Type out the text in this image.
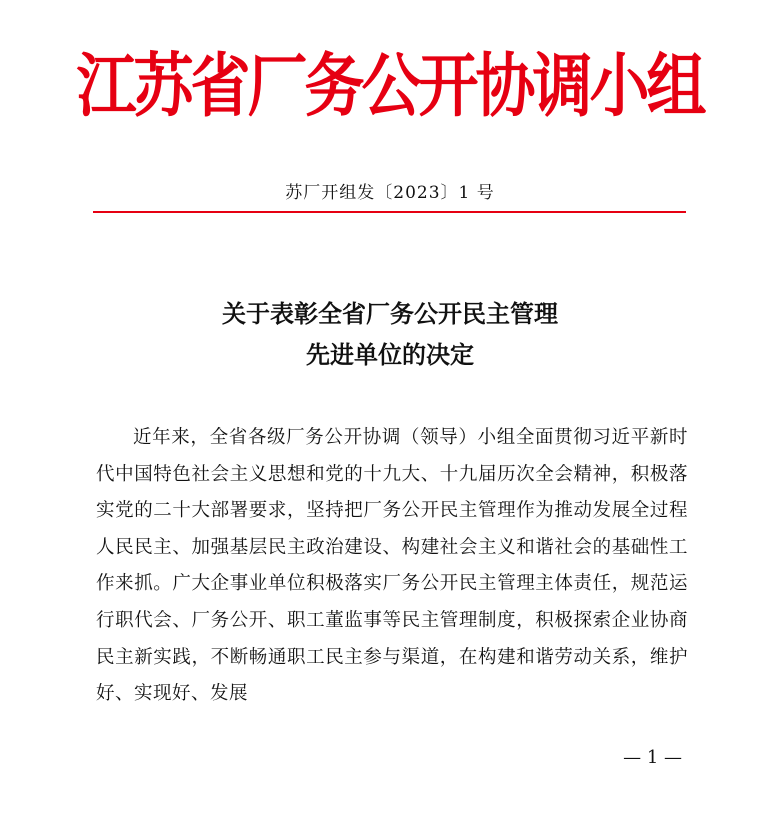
江苏省厂务公开协调小组
苏厂开组发〔2023〕1 号
关于表彰全省厂务公开民主管理
先进单位的决定

近年来，全省各级厂务公开协调（领导）小组全面贯彻习近平新时代中国特色社会主义思想和党的十九大、十九届历次全会精神，积极落实党的二十大部署要求，坚持把厂务公开民主管理作为推动发展全过程人民民主、加强基层民主政治建设、构建社会主义和谐社会的基础性工作来抓。广大企事业单位积极落实厂务公开民主管理主体责任，规范运行职代会、厂务公开、职工董监事等民主管理制度，积极探索企业协商民主新实践，不断畅通职工民主参与渠道，在构建和谐劳动关系，维护好、实现好、发展

— 1 —
